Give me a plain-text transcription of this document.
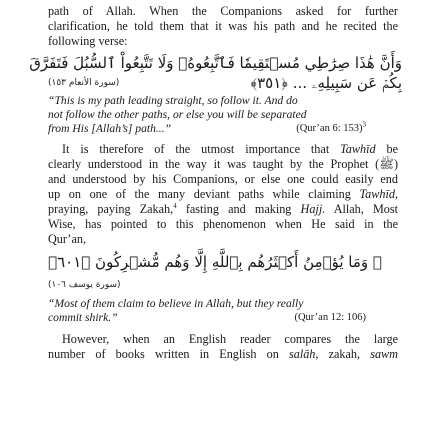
path of Allah. When the Companions asked for further
clarification, he told them that it was his path and he recited the
following verse:
وَأَنَّ هَٰذَا صِرَٰطِي مُسۡتَقِيمٗا فَٱتَّبِعُوهُۖ وَلَا تَتَّبِعُواْ ٱلسُّبُلَ فَتَفَرَّقَ
(سورة الأنعام ١٥٣)	بِكُمۡ عَن سَبِيلِهِۦ ... ﴿١٥٣﴾
“This is my path leading straight, so follow it. And do
not follow the other paths, or else you will be separated
from His [Allah’s] path...”	(Qur’an 6: 153)$^3$
It is therefore of the utmost importance that Tawhīd be
clearly understood in the way it was taught by the Prophet (ﷺ)
and understood by his Companions, or else one could easily end
up on one of the many deviant paths while claiming Tawhīd,
praying, paying Zakah,$^4$ fasting and making Hajj. Allah, Most
Wise, has pointed to this phenomenon when He said in the
Qur’an,
﴿ وَمَا يُؤۡمِنُ أَكۡثَرُهُم بِٱللَّهِ إِلَّا وَهُم مُّشۡرِكُونَ ﴿١٠٦﴾
(سورة يوسف ١٠٦)
“Most of them claim to believe in Allah, but they really
commit shirk.”	(Qur’an 12: 106)
However, when an English reader compares the large
number of books written in English on salāh, zakah, sawm
